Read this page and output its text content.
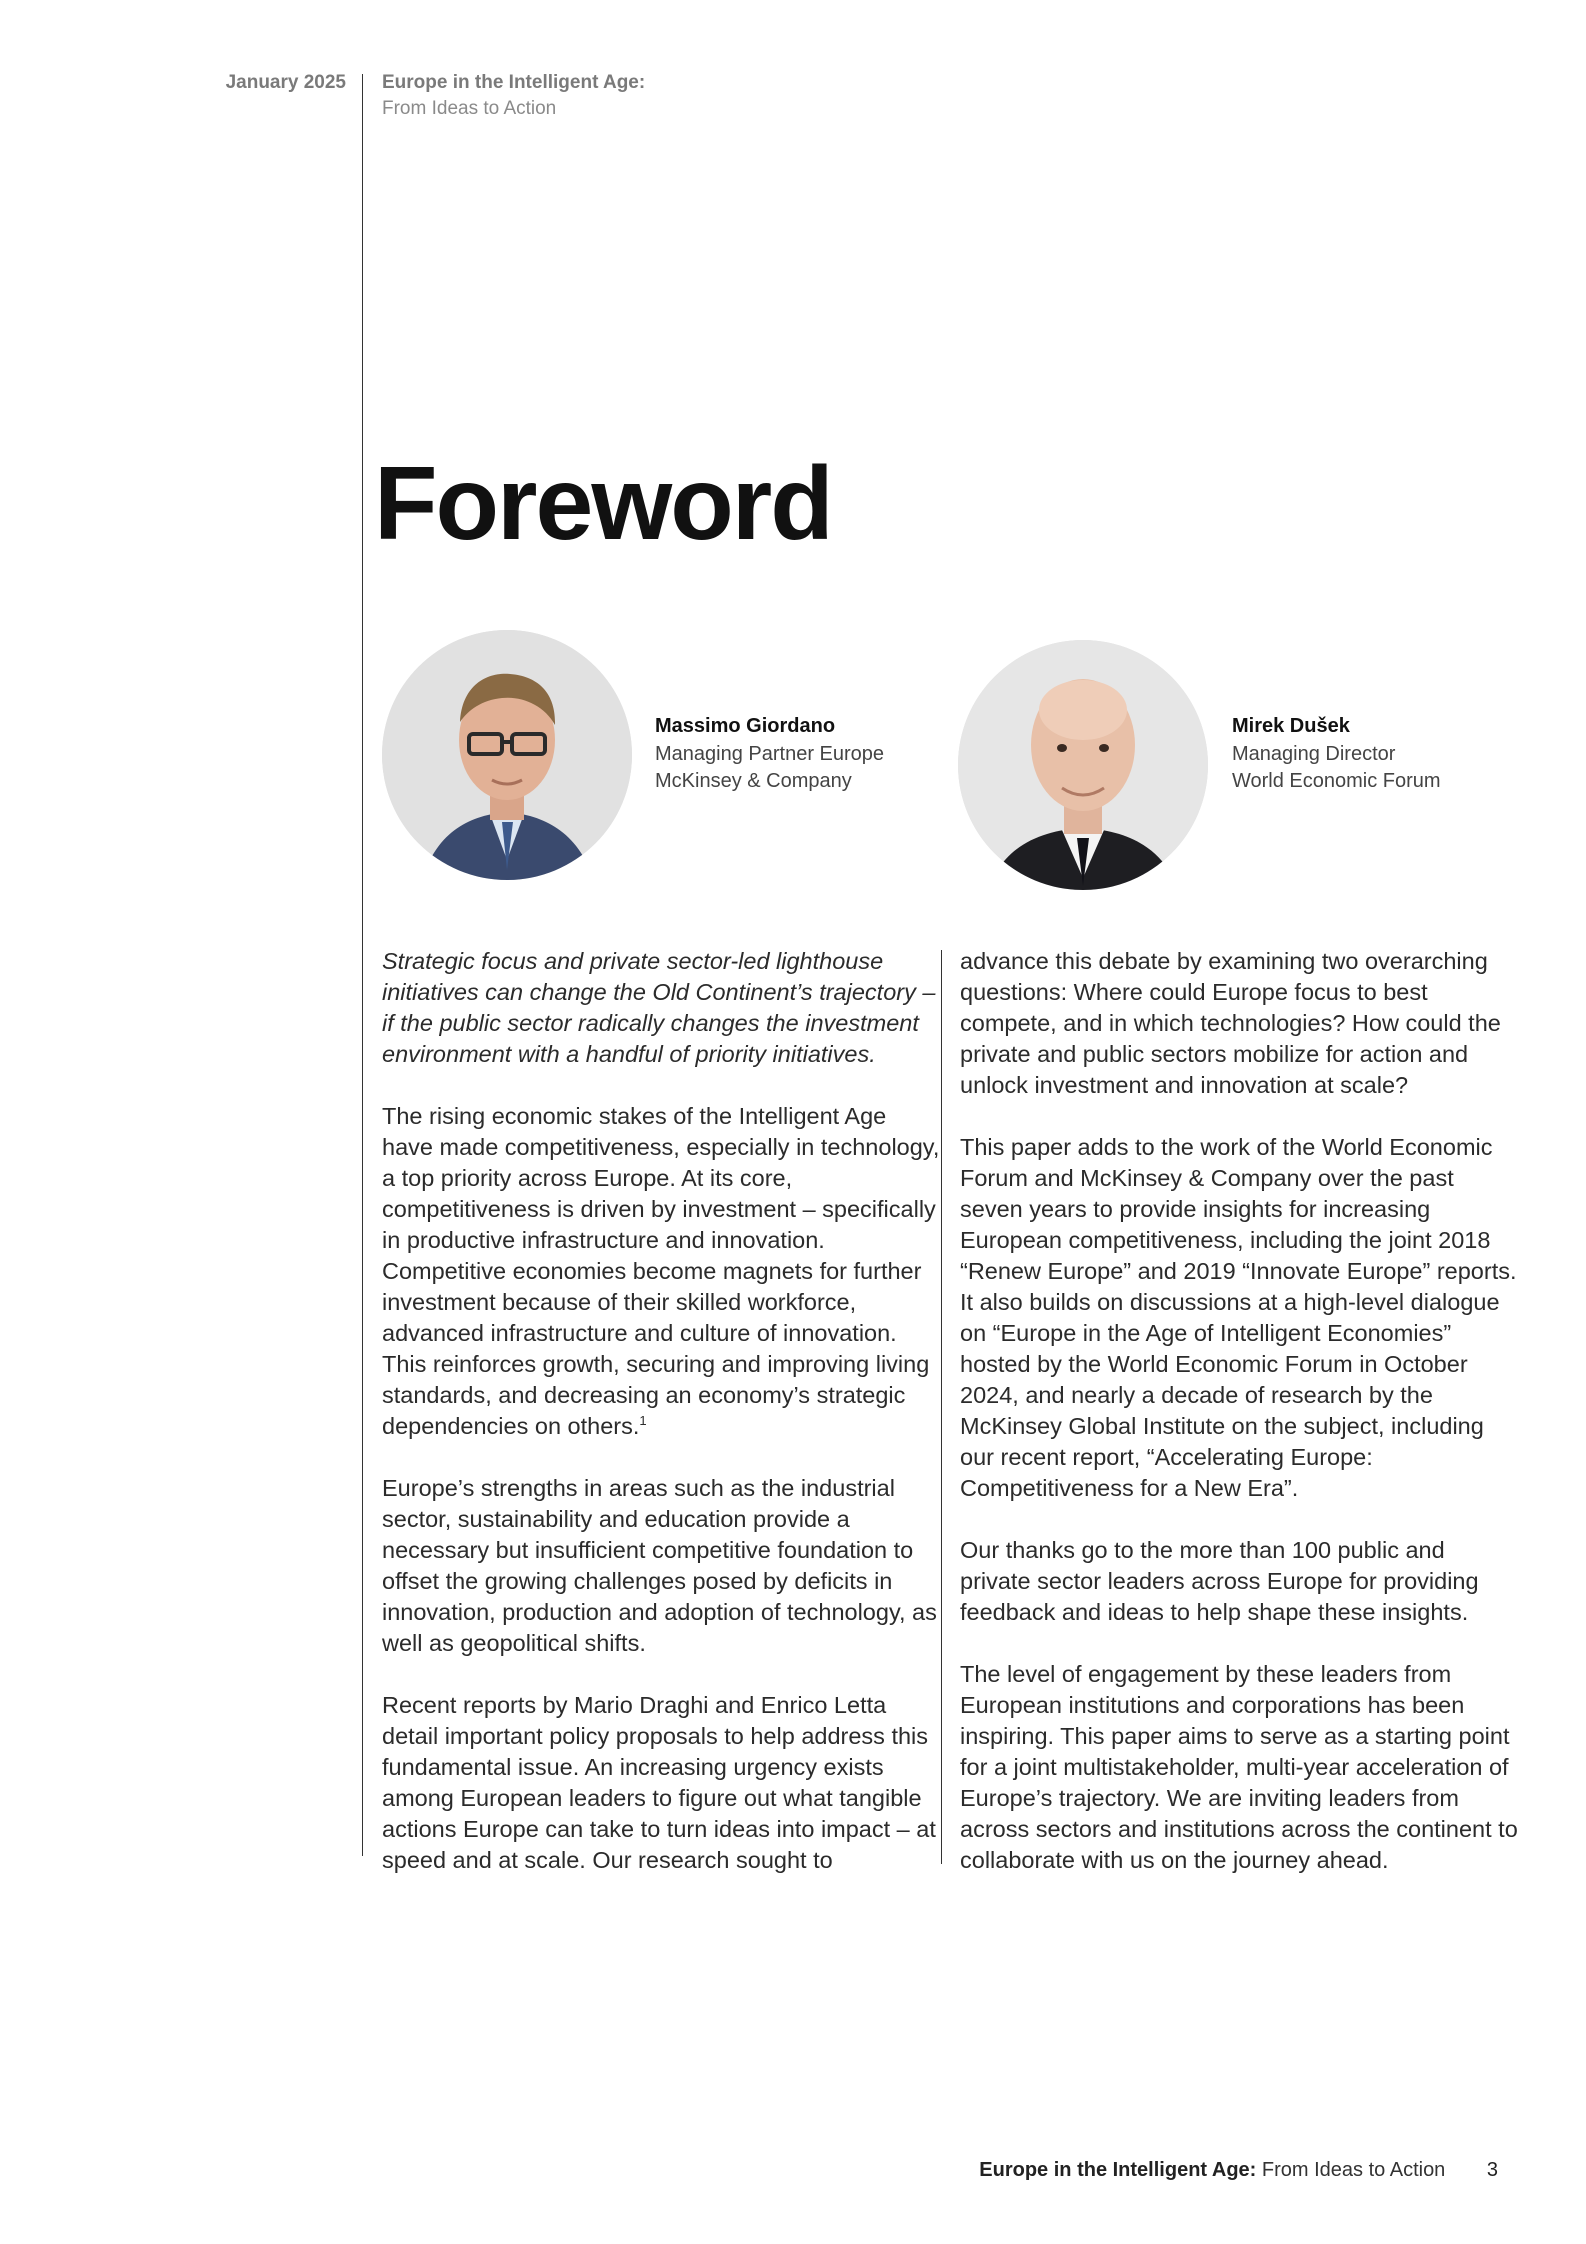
January 2025 Europe in the Intelligent Age:
From Ideas to Action
Foreword
Massimo Giordano
Managing Partner Europe
McKinsey & Company
Mirek Dušek
Managing Director
World Economic Forum

Strategic focus and private sector-led lighthouse initiatives can change the Old Continent’s trajectory – if the public sector radically changes the investment environment with a handful of priority initiatives.

The rising economic stakes of the Intelligent Age have made competitiveness, especially in technology, a top priority across Europe. At its core, competitiveness is driven by investment – specifically in productive infrastructure and innovation. Competitive economies become magnets for further investment because of their skilled workforce, advanced infrastructure and culture of innovation. This reinforces growth, securing and improving living standards, and decreasing an economy’s strategic dependencies on others.$^1$

Europe’s strengths in areas such as the industrial sector, sustainability and education provide a necessary but insufficient competitive foundation to offset the growing challenges posed by deficits in innovation, production and adoption of technology, as well as geopolitical shifts.

Recent reports by Mario Draghi and Enrico Letta detail important policy proposals to help address this fundamental issue. An increasing urgency exists among European leaders to figure out what tangible actions Europe can take to turn ideas into impact – at speed and at scale. Our research sought to

advance this debate by examining two overarching questions: Where could Europe focus to best compete, and in which technologies? How could the private and public sectors mobilize for action and unlock investment and innovation at scale?

This paper adds to the work of the World Economic Forum and McKinsey & Company over the past seven years to provide insights for increasing European competitiveness, including the joint 2018 “Renew Europe” and 2019 “Innovate Europe” reports. It also builds on discussions at a high-level dialogue on “Europe in the Age of Intelligent Economies” hosted by the World Economic Forum in October 2024, and nearly a decade of research by the McKinsey Global Institute on the subject, including our recent report, “Accelerating Europe: Competitiveness for a New Era”.

Our thanks go to the more than 100 public and private sector leaders across Europe for providing feedback and ideas to help shape these insights.

The level of engagement by these leaders from European institutions and corporations has been inspiring. This paper aims to serve as a starting point for a joint multistakeholder, multi-year acceleration of Europe’s trajectory. We are inviting leaders from across sectors and institutions across the continent to collaborate with us on the journey ahead.

Europe in the Intelligent Age: From Ideas to Action 3
